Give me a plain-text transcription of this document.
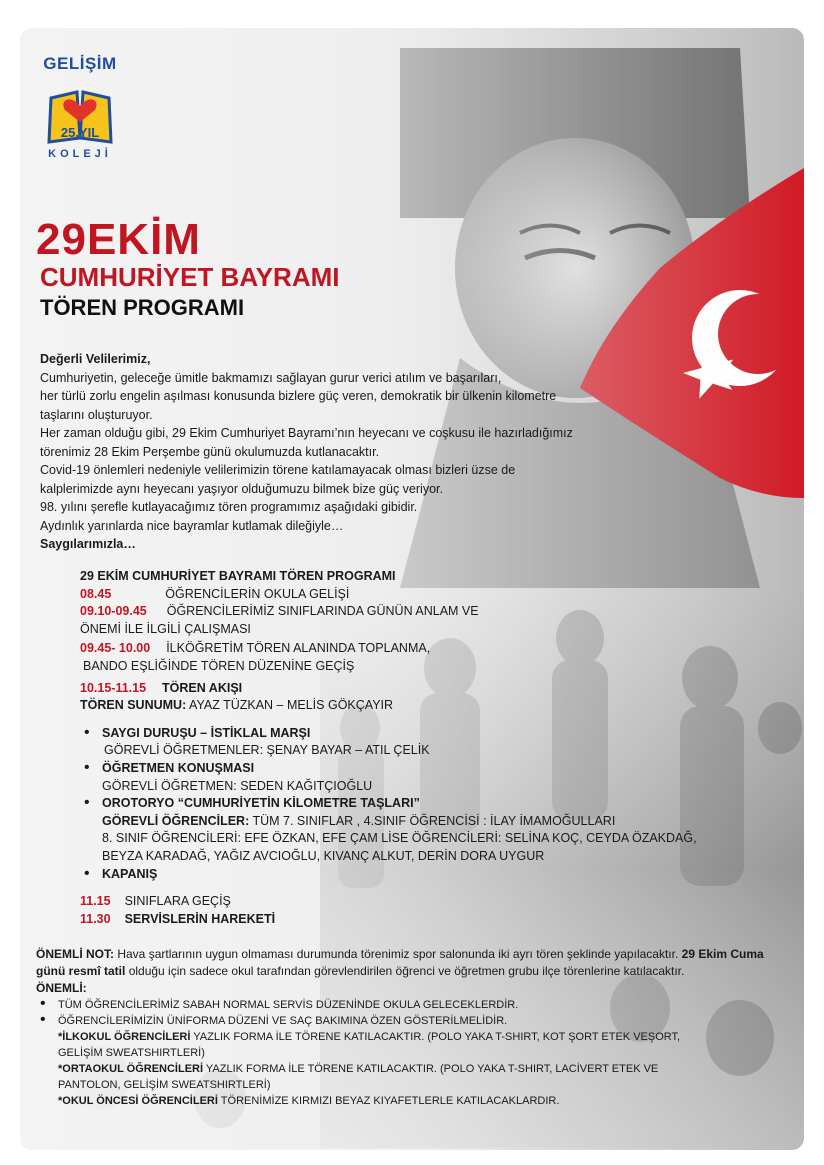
GELİŞİM
25.YIL
KOLEJİ
29EKİM
CUMHURİYET BAYRAMI
TÖREN PROGRAMI

Değerli Velilerimiz,

Cumhuriyetin, geleceğe ümitle bakmamızı sağlayan gurur verici atılım ve başarıları,

her türlü zorlu engelin aşılması konusunda bizlere güç veren, demokratik bir ülkenin kilometre

taşlarını oluşturuyor.

Her zaman olduğu gibi, 29 Ekim Cumhuriyet Bayramı’nın heyecanı ve coşkusu ile hazırladığımız

törenimiz 28 Ekim Perşembe günü okulumuzda kutlanacaktır.

Covid-19 önlemleri nedeniyle velilerimizin törene katılamayacak olması bizleri üzse de

kalplerimizde aynı heyecanı yaşıyor olduğumuzu bilmek bize güç veriyor.

98. yılını şerefle kutlayacağımız tören programımız aşağıdaki gibidir.

Aydınlık yarınlarda nice bayramlar kutlamak dileğiyle…

Saygılarımızla…

29 EKİM CUMHURİYET BAYRAMI TÖREN PROGRAMI

08.45	ÖĞRENCİLERİN OKULA GELİŞİ

09.10-09.45 ÖĞRENCİLERİMİZ SINIFLARINDA GÜNÜN ANLAM VE

ÖNEMİ İLE İLGİLİ ÇALIŞMASI

09.45- 10.00 İLKÖĞRETİM TÖREN ALANINDA TOPLANMA,

BANDO EŞLİĞİNDE TÖREN DÜZENİNE GEÇİŞ

10.15-11.15 TÖREN AKIŞI

TÖREN SUNUMU: AYAZ TÜZKAN – MELİS GÖKÇAYIR

• SAYGI DURUŞU – İSTİKLAL MARŞI
GÖREVLİ ÖĞRETMENLER: ŞENAY BAYAR – ATIL ÇELİK
• ÖĞRETMEN KONUŞMASI
GÖREVLİ ÖĞRETMEN: SEDEN KAĞITÇIOĞLU
• OROTORYO “CUMHURİYETİN KİLOMETRE TAŞLARI”
GÖREVLİ ÖĞRENCİLER: TÜM 7. SINIFLAR , 4.SINIF ÖĞRENCİSİ : İLAY İMAMOĞULLARI
8. SINIF ÖĞRENCİLERİ: EFE ÖZKAN, EFE ÇAM LİSE ÖĞRENCİLERİ: SELİNA KOÇ, CEYDA ÖZAKDAĞ,
BEYZA KARADAĞ, YAĞIZ AVCIOĞLU, KIVANÇ ALKUT, DERİN DORA UYGUR
• KAPANIŞ

11.15 SINIFLARA GEÇİŞ

11.30 SERVİSLERİN HAREKETİ

ÖNEMLİ NOT: Hava şartlarının uygun olmaması durumunda törenimiz spor salonunda iki ayrı tören şeklinde yapılacaktır. 29 Ekim Cuma günü resmî tatil olduğu için sadece okul tarafından görevlendirilen öğrenci ve öğretmen grubu ilçe törenlerine katılacaktır.

ÖNEMLİ:

• TÜM ÖĞRENCİLERİMİZ SABAH NORMAL SERVİS DÜZENİNDE OKULA GELECEKLERDİR.
• ÖĞRENCİLERİMİZİN ÜNİFORMA DÜZENİ VE SAÇ BAKIMINA ÖZEN GÖSTERİLMELİDİR.
*İLKOKUL ÖĞRENCİLERİ YAZLIK FORMA İLE TÖRENE KATILACAKTIR. (POLO YAKA T-SHIRT, KOT ŞORT ETEK VEŞORT,
GELİŞİM SWEATSHIRTLERİ)
*ORTAOKUL ÖĞRENCİLERİ YAZLIK FORMA İLE TÖRENE KATILACAKTIR. (POLO YAKA T-SHIRT, LACİVERT ETEK VE
PANTOLON, GELİŞİM SWEATSHIRTLERİ)
*OKUL ÖNCESİ ÖĞRENCİLERİ TÖRENİMİZE KIRMIZI BEYAZ KIYAFETLERLE KATILACAKLARDIR.
